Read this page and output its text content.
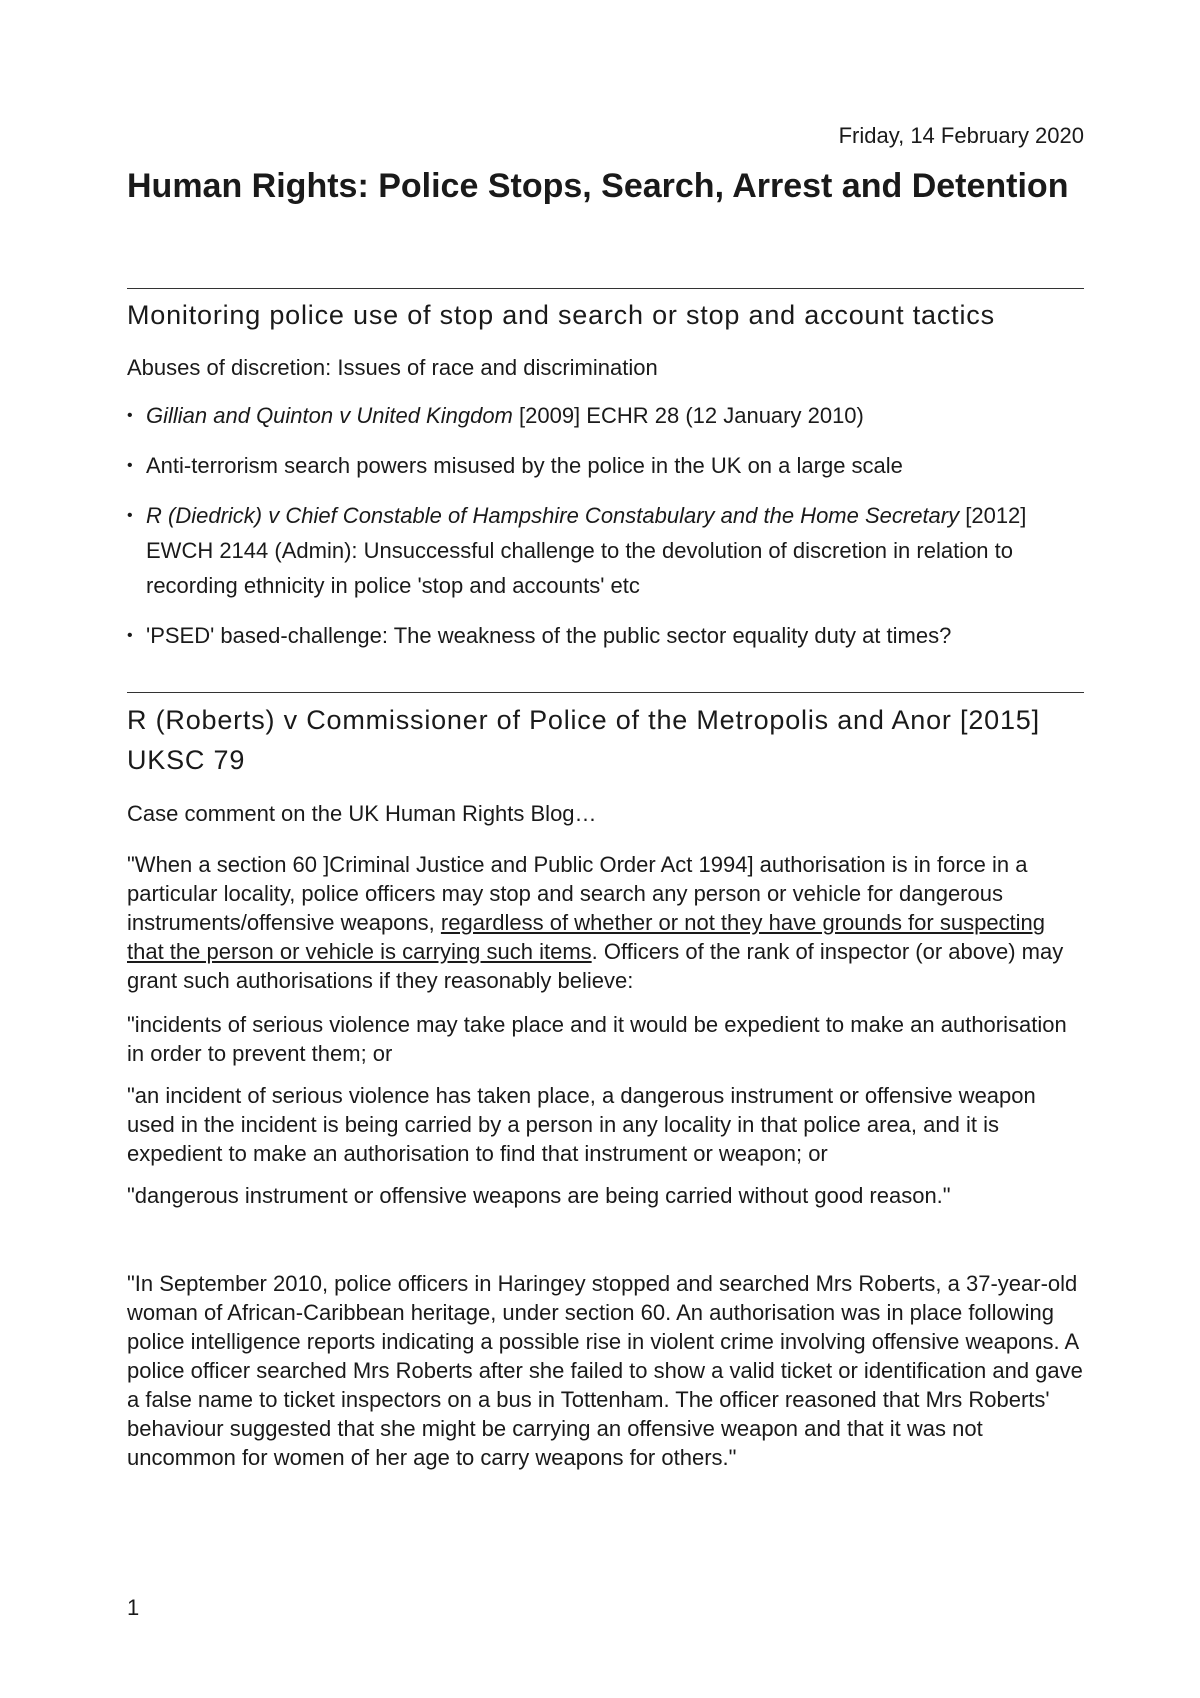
Friday, 14 February 2020
Human Rights: Police Stops, Search, Arrest and Detention
Monitoring police use of stop and search or stop and account tactics

Abuses of discretion: Issues of race and discrimination

• Gillian and Quinton v United Kingdom [2009] ECHR 28 (12 January 2010)
• Anti-terrorism search powers misused by the police in the UK on a large scale
• R (Diedrick) v Chief Constable of Hampshire Constabulary and the Home Secretary [2012] EWCH 2144 (Admin): Unsuccessful challenge to the devolution of discretion in relation to recording ethnicity in police 'stop and accounts' etc
• 'PSED' based-challenge: The weakness of the public sector equality duty at times?
R (Roberts) v Commissioner of Police of the Metropolis and Anor [2015] UKSC 79

Case comment on the UK Human Rights Blog…

"When a section 60 ]Criminal Justice and Public Order Act 1994] authorisation is in force in a particular locality, police officers may stop and search any person or vehicle for dangerous instruments/offensive weapons, regardless of whether or not they have grounds for suspecting that the person or vehicle is carrying such items. Officers of the rank of inspector (or above) may grant such authorisations if they reasonably believe:

"incidents of serious violence may take place and it would be expedient to make an authorisation in order to prevent them; or

"an incident of serious violence has taken place, a dangerous instrument or offensive weapon used in the incident is being carried by a person in any locality in that police area, and it is expedient to make an authorisation to find that instrument or weapon; or

"dangerous instrument or offensive weapons are being carried without good reason."

"In September 2010, police officers in Haringey stopped and searched Mrs Roberts, a 37-year-old woman of African-Caribbean heritage, under section 60. An authorisation was in place following police intelligence reports indicating a possible rise in violent crime involving offensive weapons. A police officer searched Mrs Roberts after she failed to show a valid ticket or identification and gave a false name to ticket inspectors on a bus in Tottenham. The officer reasoned that Mrs Roberts' behaviour suggested that she might be carrying an offensive weapon and that it was not uncommon for women of her age to carry weapons for others."

1
